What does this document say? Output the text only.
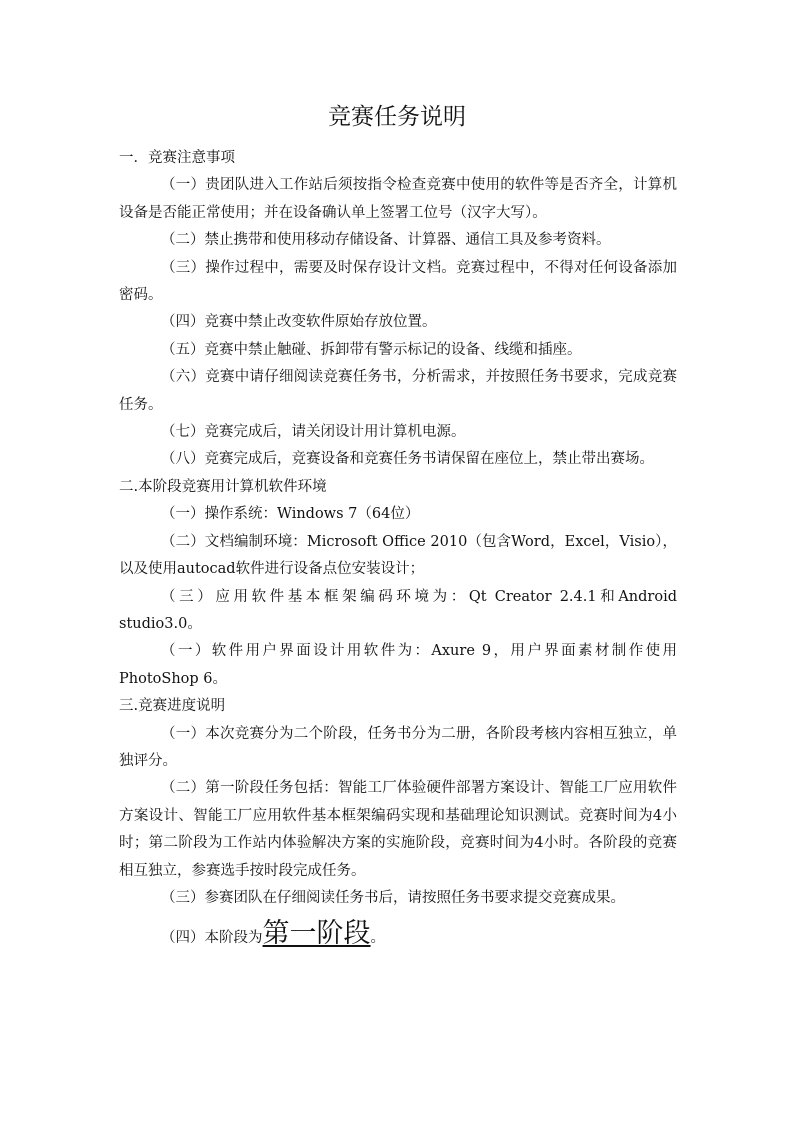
竞赛任务说明

一．竞赛注意事项

（一）贵团队进入工作站后须按指令检查竞赛中使用的软件等是否齐全，计算机设备是否能正常使用；并在设备确认单上签署工位号（汉字大写）。

（二）禁止携带和使用移动存储设备、计算器、通信工具及参考资料。

（三）操作过程中，需要及时保存设计文档。竞赛过程中，不得对任何设备添加密码。

（四）竞赛中禁止改变软件原始存放位置。

（五）竞赛中禁止触碰、拆卸带有警示标记的设备、线缆和插座。

（六）竞赛中请仔细阅读竞赛任务书，分析需求，并按照任务书要求，完成竞赛任务。

（七）竞赛完成后，请关闭设计用计算机电源。

（八）竞赛完成后，竞赛设备和竞赛任务书请保留在座位上，禁止带出赛场。

二.本阶段竞赛用计算机软件环境

（一）操作系统：Windows 7（64位）

（二）文档编制环境：Microsoft Office 2010（包含Word，Excel，Visio），以及使用autocad软件进行设备点位安装设计；

（三）应用软件基本框架编码环境为：Qt Creator 2.4.1和Android studio3.0。

（一）软件用户界面设计用软件为：Axure 9，用户界面素材制作使用PhotoShop 6。

三.竞赛进度说明

（一）本次竞赛分为二个阶段，任务书分为二册，各阶段考核内容相互独立，单独评分。

（二）第一阶段任务包括：智能工厂体验硬件部署方案设计、智能工厂应用软件方案设计、智能工厂应用软件基本框架编码实现和基础理论知识测试。竞赛时间为4小时；第二阶段为工作站内体验解决方案的实施阶段，竞赛时间为4小时。各阶段的竞赛相互独立，参赛选手按时段完成任务。

（三）参赛团队在仔细阅读任务书后，请按照任务书要求提交竞赛成果。

（四）本阶段为第一阶段。
